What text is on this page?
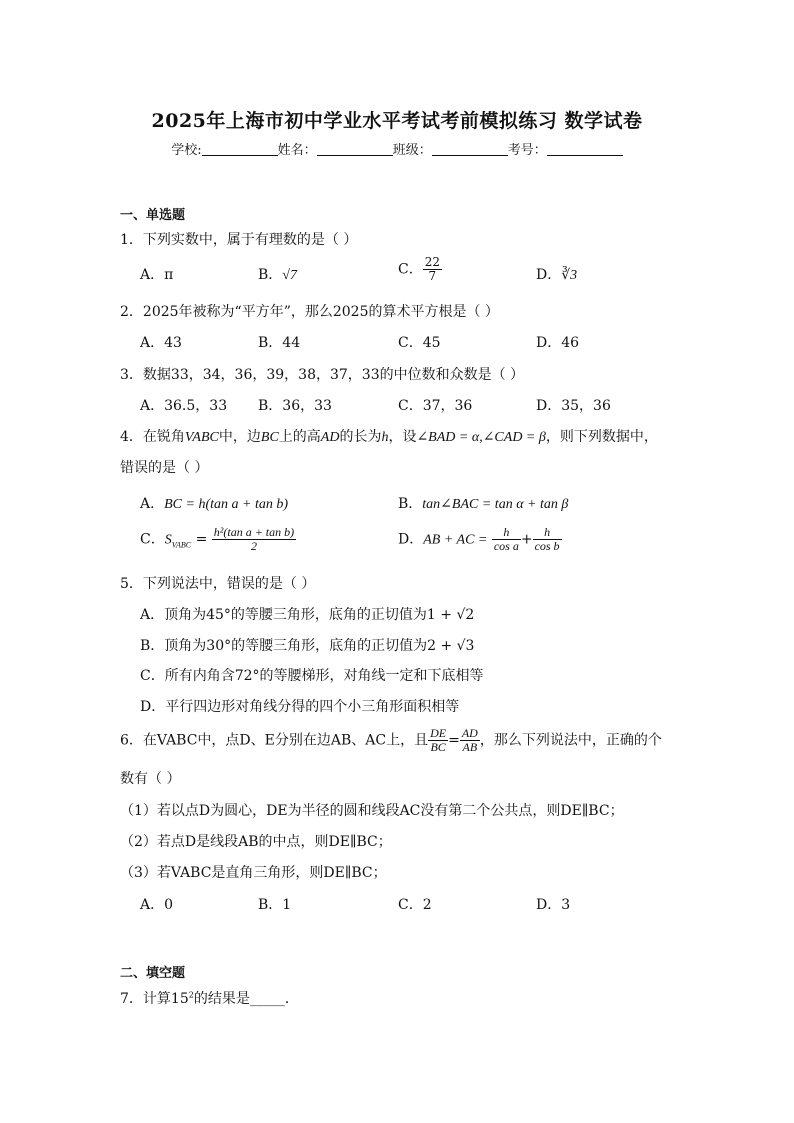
2025年上海市初中学业水平考试考前模拟练习 数学试卷
学校:	姓名：	班级：	考号：
一、单选题
1．下列实数中，属于有理数的是（ ）
A．π	B．√7	C． $\frac{22}{7}$	D．∛3
2．2025年被称为“平方年”，那么2025的算术平方根是（ ）
A．43	B．44	C．45	D．46
3．数据33，34，36，39，38，37，33的中位数和众数是（ ）
A．36.5，33 B．36，33	C．37，36	D．35，36
4．在锐角VABC中，边BC上的高AD的长为h，设∠BAD = α,∠CAD = β，则下列数据中，
错误的是（ ）
A．BC = h(tan a + tan b)	B．tan∠BAC = tan α + tan β
C．$S_{VABC} = \frac{\text{h²(tan a + tan b)}}{2}$	D．AB + AC = $\frac{h}{\text{cos a}} + \frac{h}{\text{cos b}}$
5．下列说法中，错误的是（ ）
A．顶角为45°的等腰三角形，底角的正切值为1 + √2
B．顶角为30°的等腰三角形，底角的正切值为2 + √3
C．所有内角含72°的等腰梯形，对角线一定和下底相等
D．平行四边形对角线分得的四个小三角形面积相等
6．在VABC中，点D、E分别在边AB、AC上，且 $\frac{DE}{BC} = \frac{AD}{AB}$ ，那么下列说法中，正确的个
数有（ ）
（1）若以点D为圆心，DE为半径的圆和线段AC没有第二个公共点，则DE∥BC；
（2）若点D是线段AB的中点，则DE∥BC；
（3）若VABC是直角三角形，则DE∥BC；
A．0	B．1	C．2	D．3
二、填空题
7．计算$15^2$的结果是_____．
